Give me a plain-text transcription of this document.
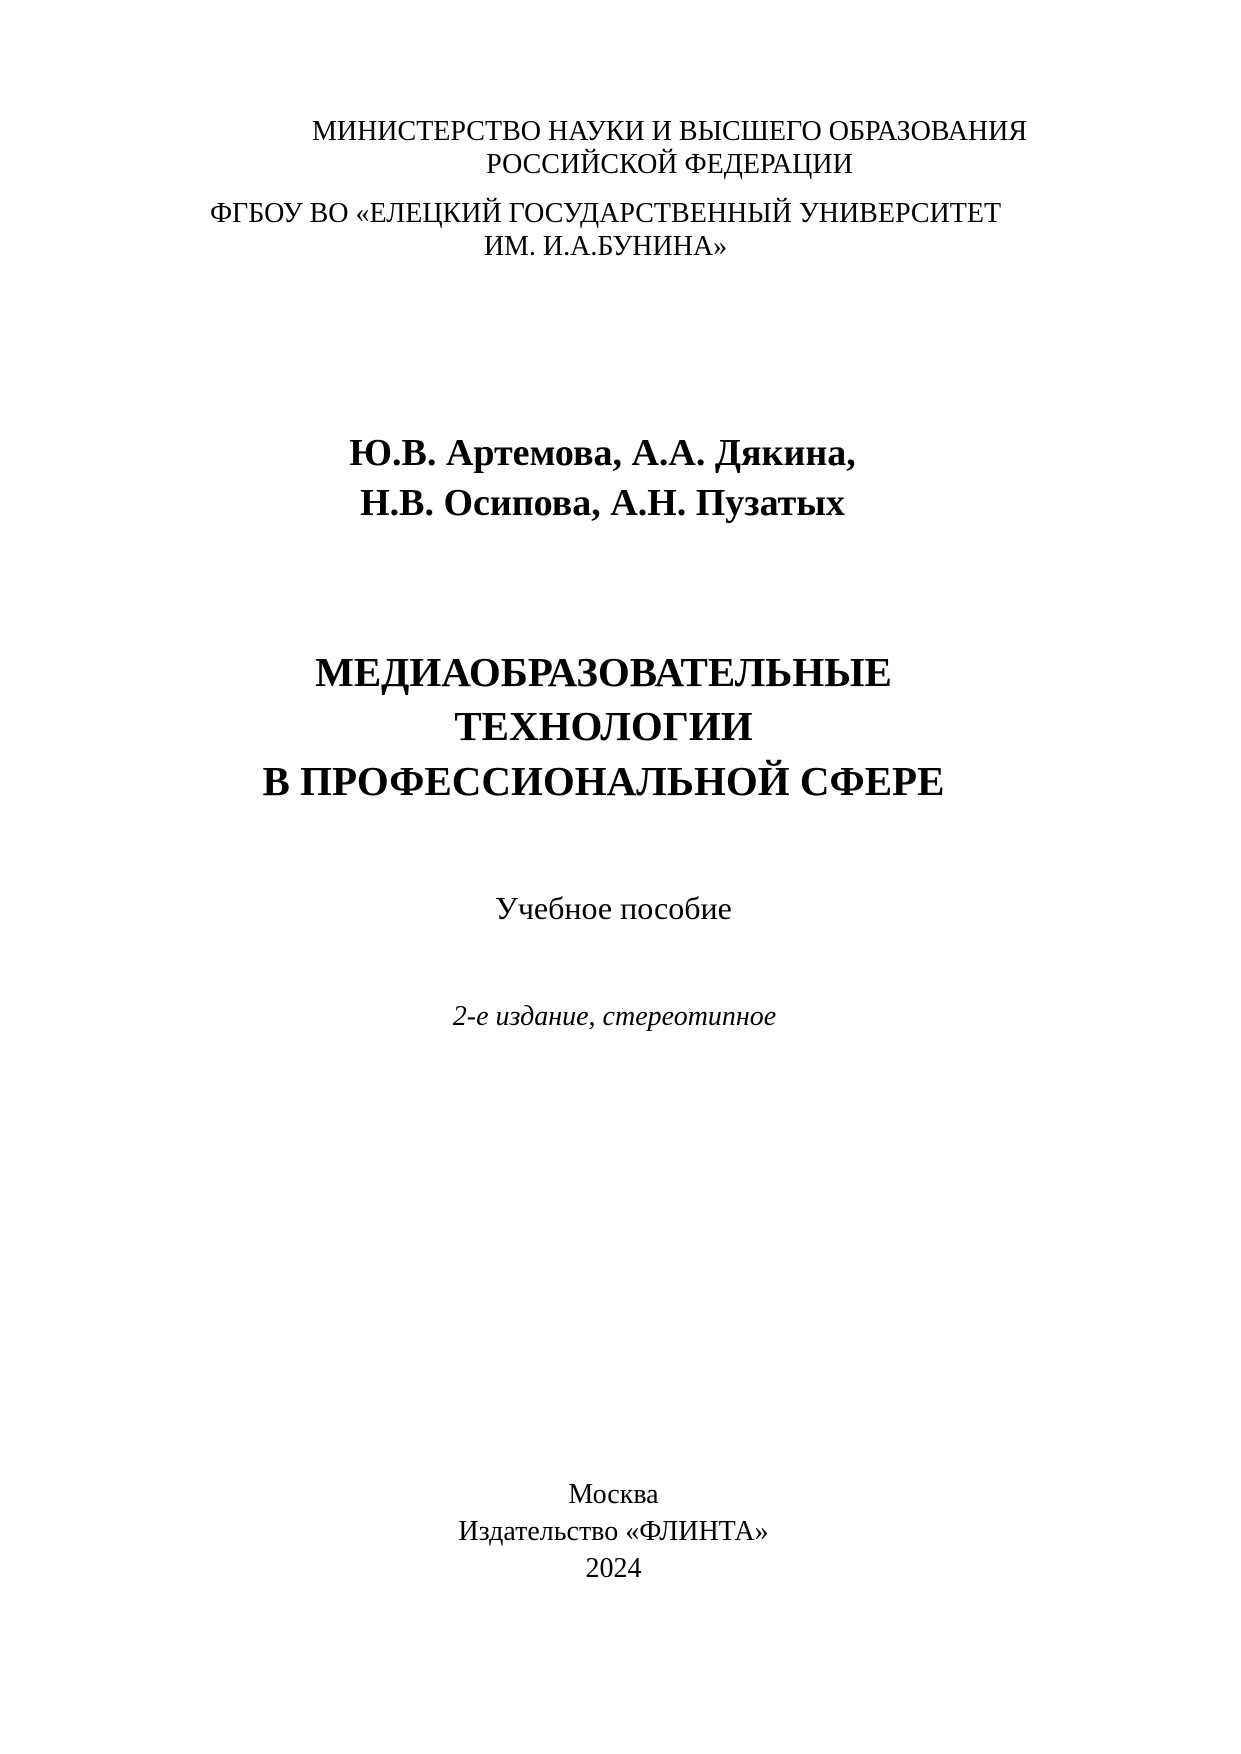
МИНИСТЕРСТВО НАУКИ И ВЫСШЕГО ОБРАЗОВАНИЯ
РОССИЙСКОЙ ФЕДЕРАЦИИ
ФГБОУ ВО «ЕЛЕЦКИЙ ГОСУДАРСТВЕННЫЙ УНИВЕРСИТЕТ
ИМ. И.А.БУНИНА»
Ю.В. Артемова, А.А. Дякина,
Н.В. Осипова, А.Н. Пузатых
МЕДИАОБРАЗОВАТЕЛЬНЫЕ
ТЕХНОЛОГИИ
В ПРОФЕССИОНАЛЬНОЙ СФЕРЕ
Учебное пособие
2-е издание, стереотипное
Москва
Издательство «ФЛИНТА»
2024
